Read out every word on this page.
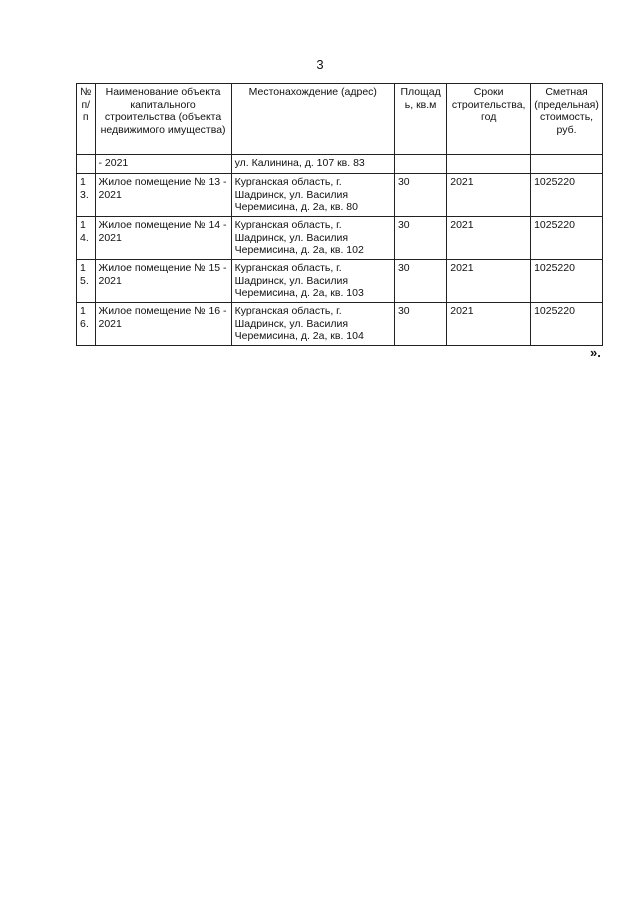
3
№ п/п	Наименование объекта капитального строительства (объекта недвижимого имущества)	Местонахождение (адрес)	Площадь, кв.м	Сроки строительства, год	Сметная (предельная) стоимость, руб.
	- 2021	ул. Калинина, д. 107 кв. 83			
13.	Жилое помещение № 13 - 2021	Курганская область, г. Шадринск, ул. Василия Черемисина, д. 2а, кв. 80	30	2021	1025220
14.	Жилое помещение № 14 - 2021	Курганская область, г. Шадринск, ул. Василия Черемисина, д. 2а, кв. 102	30	2021	1025220
15.	Жилое помещение № 15 - 2021	Курганская область, г. Шадринск, ул. Василия Черемисина, д. 2а, кв. 103	30	2021	1025220
16.	Жилое помещение № 16 - 2021	Курганская область, г. Шадринск, ул. Василия Черемисина, д. 2а, кв. 104	30	2021	1025220
».
